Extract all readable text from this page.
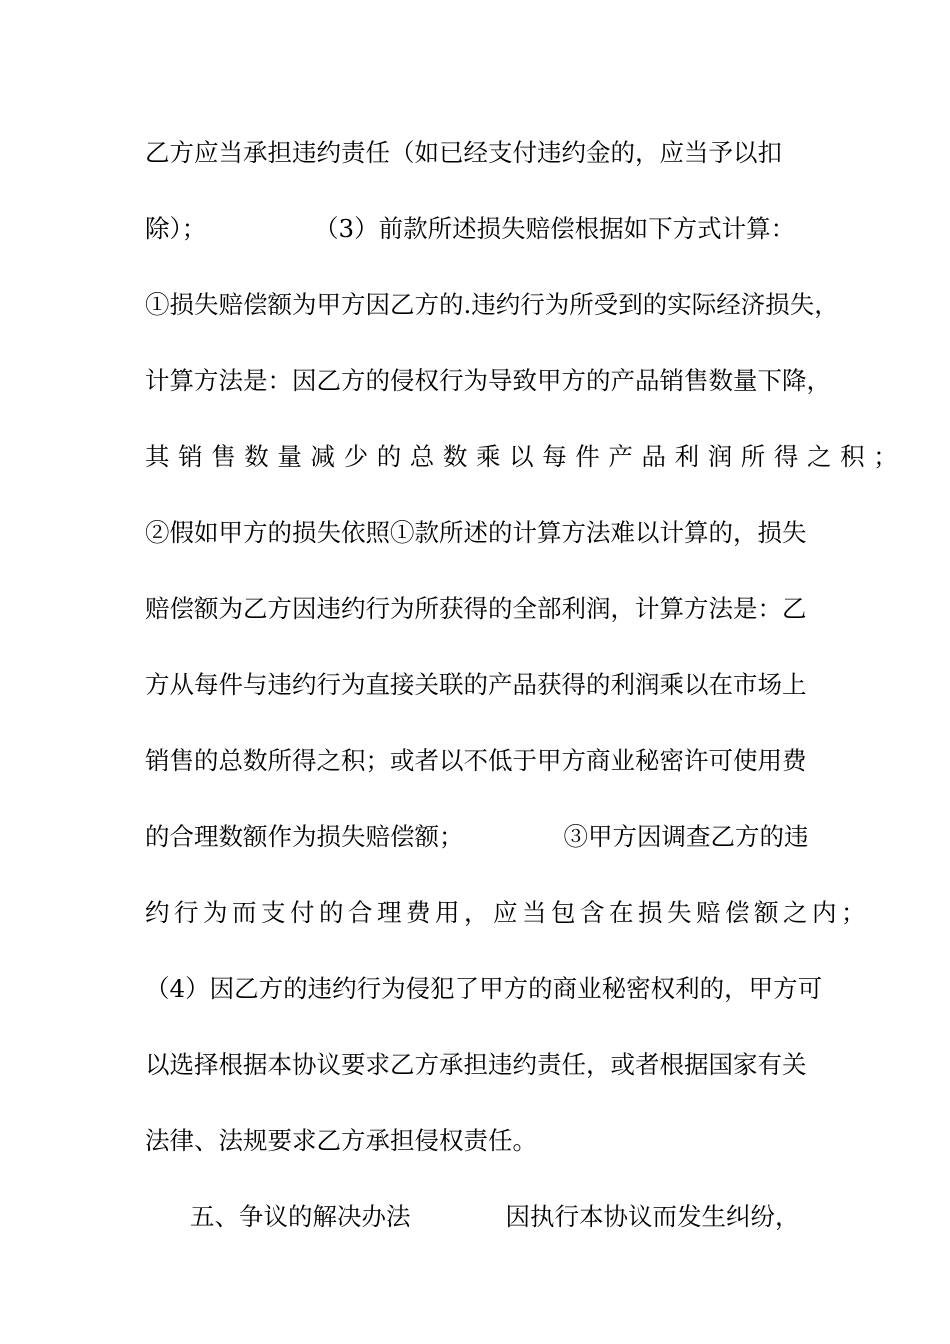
乙方应当承担违约责任（如已经支付违约金的，应当予以扣
除）；	（3）前款所述损失赔偿根据如下方式计算：
①损失赔偿额为甲方因乙方的.违约行为所受到的实际经济损失，
计算方法是：因乙方的侵权行为导致甲方的产品销售数量下降，
其销售数量减少的总数乘以每件产品利润所得之积；
②假如甲方的损失依照①款所述的计算方法难以计算的，损失
赔偿额为乙方因违约行为所获得的全部利润，计算方法是：乙
方从每件与违约行为直接关联的产品获得的利润乘以在市场上
销售的总数所得之积；或者以不低于甲方商业秘密许可使用费
的合理数额作为损失赔偿额；	③甲方因调查乙方的违
约行为而支付的合理费用，应当包含在损失赔偿额之内；
（4）因乙方的违约行为侵犯了甲方的商业秘密权利的，甲方可
以选择根据本协议要求乙方承担违约责任，或者根据国家有关
法律、法规要求乙方承担侵权责任。
五、争议的解决办法	因执行本协议而发生纠纷，
